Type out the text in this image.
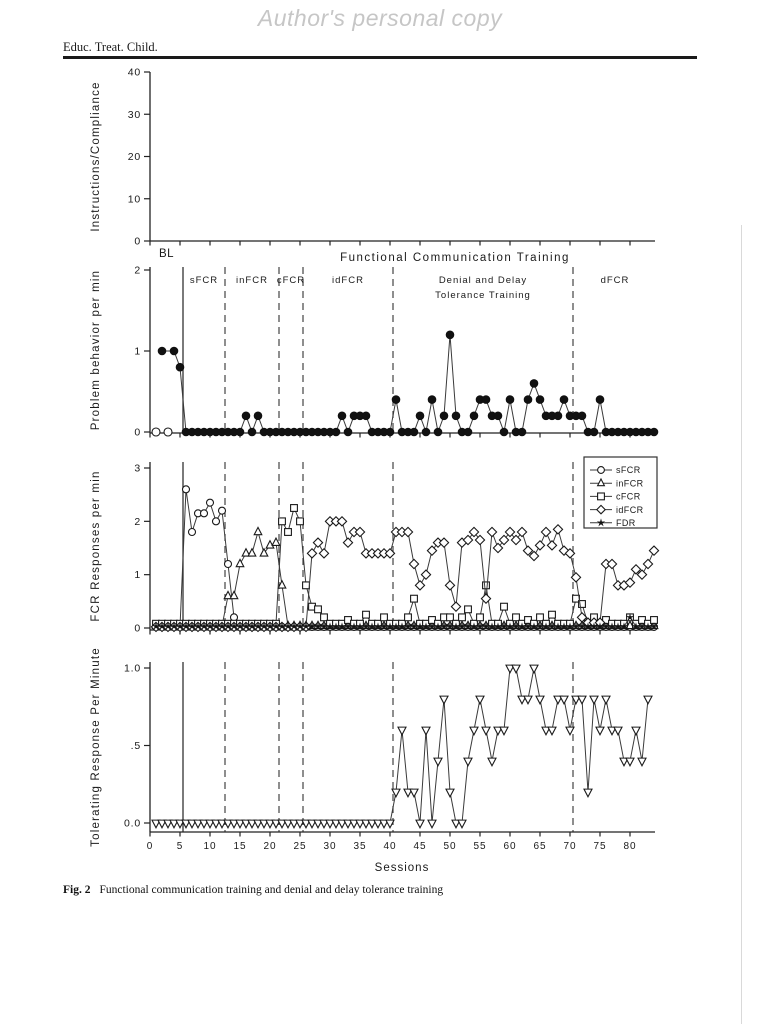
Author's personal copy
Educ. Treat. Child.
0
10
20
30
40
Instructions/Compliance
0
1
2
Problem behavior per min
0
1
2
3
FCR Responses per min
0.0
.5
1.0
0 5 10 15 20 25 30 35 40 45 50 55 60 65 70 75 80
Tolerating Response Per Minute
BL	Functional Communication Training
sFCR inFCR cFCR	idFCR	Denial and Delay
Tolerance Training
dFCR
Sessions
sFCR
inFCR
cFCR
idFCR
FDR
Fig. 2 Functional communication training and denial and delay tolerance training
